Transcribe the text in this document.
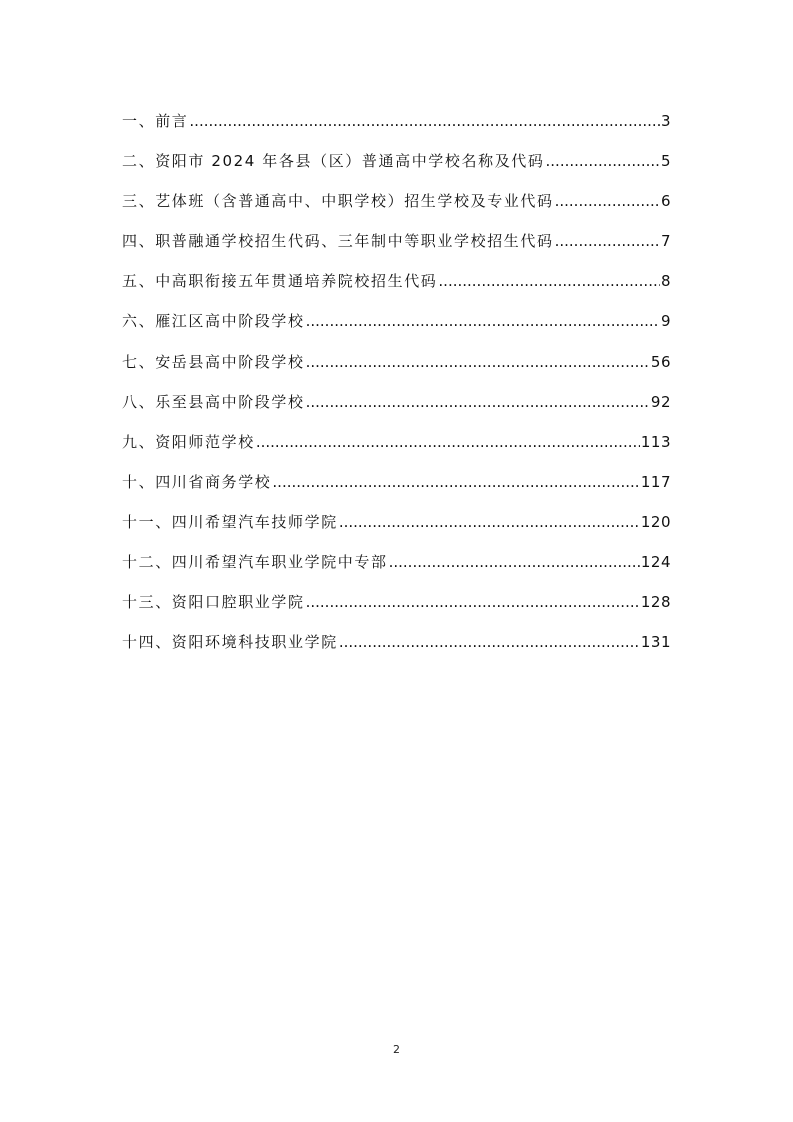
一、前言 .....	3
二、资阳市 2024 年各县（区）普通高中学校名称及代码 .....	5
三、艺体班（含普通高中、中职学校）招生学校及专业代码 .....	6
四、职普融通学校招生代码、三年制中等职业学校招生代码 .....	7
五、中高职衔接五年贯通培养院校招生代码 .....	8
六、雁江区高中阶段学校 .....	9
七、安岳县高中阶段学校 .....	56
八、乐至县高中阶段学校 .....	92
九、资阳师范学校 .....	113
十、四川省商务学校 .....	117
十一、四川希望汽车技师学院 .....	120
十二、四川希望汽车职业学院中专部 .....	124
十三、资阳口腔职业学院 .....	128
十四、资阳环境科技职业学院 .....	131
2
